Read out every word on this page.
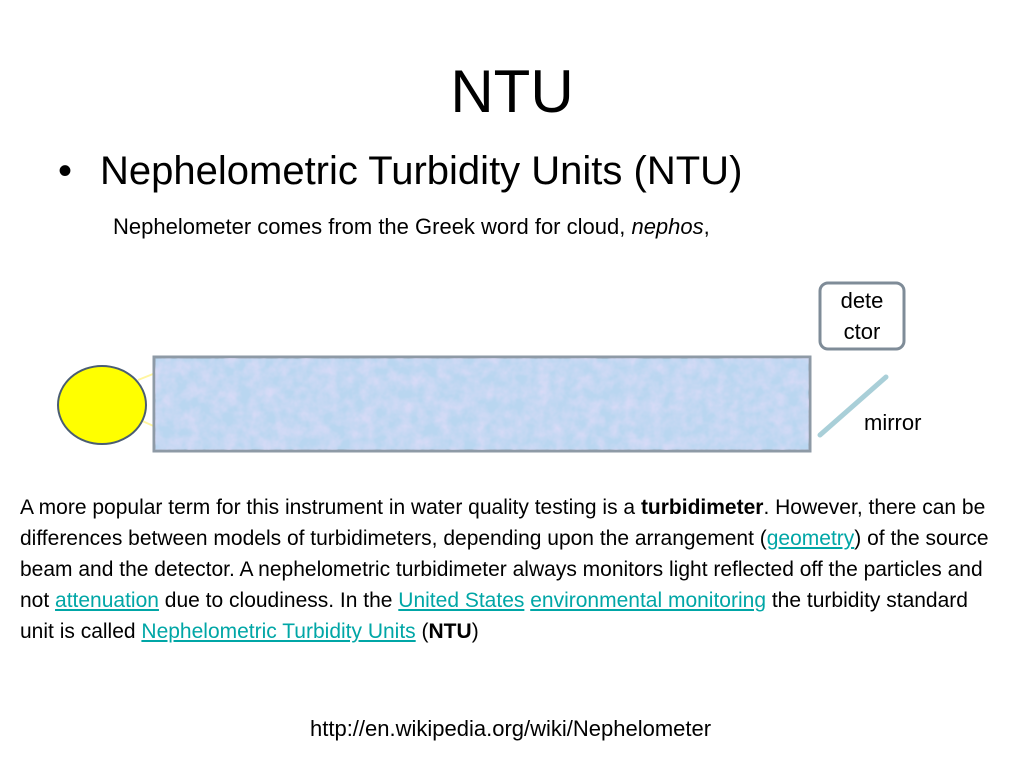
NTU
• Nephelometric Turbidity Units (NTU)
Nephelometer comes from the Greek word for cloud, nephos,
dete
ctor
mirror
A more popular term for this instrument in water quality testing is a turbidimeter. However, there can be differences between models of turbidimeters, depending upon the arrangement (geometry) of the source beam and the detector. A nephelometric turbidimeter always monitors light reflected off the particles and not attenuation due to cloudiness. In the United States environmental monitoring the turbidity standard unit is called Nephelometric Turbidity Units (NTU)
http://en.wikipedia.org/wiki/Nephelometer
